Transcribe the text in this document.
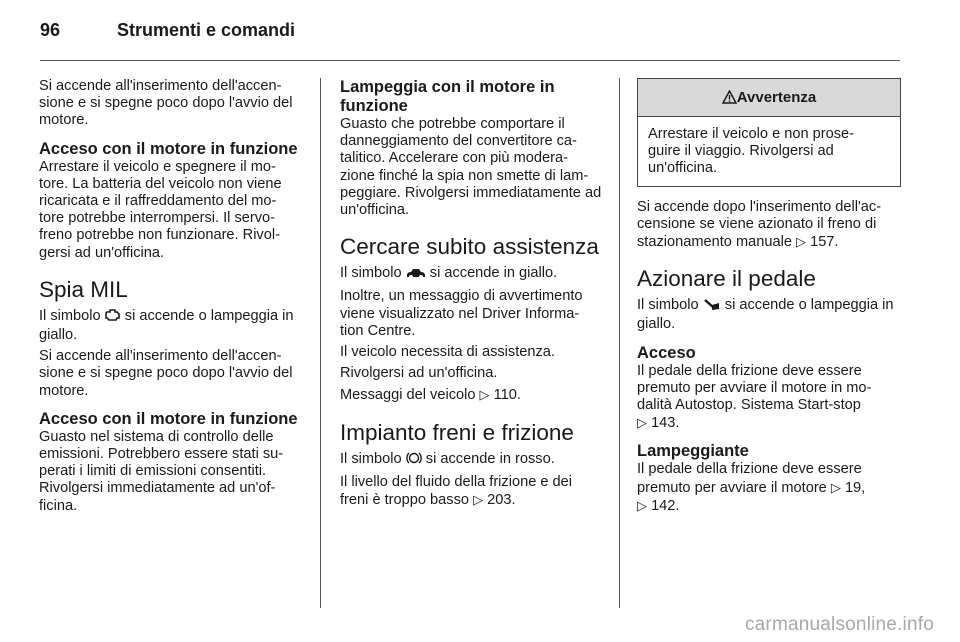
96	Strumenti e comandi

Si accende all'inserimento dell'accen- sione e si spegne poco dopo l'avvio del motore.

Acceso con il motore in funzione

Arrestare il veicolo e spegnere il mo- tore. La batteria del veicolo non viene ricaricata e il raffreddamento del mo- tore potrebbe interrompersi. Il servo- freno potrebbe non funzionare. Rivol- gersi ad un'officina.

Spia MIL

Il simbolo si accende o lampeggia in giallo.

Si accende all'inserimento dell'accen- sione e si spegne poco dopo l'avvio del motore.

Acceso con il motore in funzione

Guasto nel sistema di controllo delle emissioni. Potrebbero essere stati su- perati i limiti di emissioni consentiti. Rivolgersi immediatamente ad un'of- ficina.

Lampeggia con il motore in funzione

Guasto che potrebbe comportare il danneggiamento del convertitore ca- talitico. Accelerare con più modera- zione finché la spia non smette di lam- peggiare. Rivolgersi immediatamente ad un'officina.

Cercare subito assistenza

Il simbolo si accende in giallo.

Inoltre, un messaggio di avvertimento viene visualizzato nel Driver Informa- tion Centre.

Il veicolo necessita di assistenza.

Rivolgersi ad un'officina.

Messaggi del veicolo ▷ 110.

Impianto freni e frizione

Il simbolo si accende in rosso.

Il livello del fluido della frizione e dei freni è troppo basso ▷ 203.

Avvertenza

Arrestare il veicolo e non prose- guire il viaggio. Rivolgersi ad un'officina.

Si accende dopo l'inserimento dell'ac- censione se viene azionato il freno di stazionamento manuale ▷ 157.

Azionare il pedale

Il simbolo si accende o lampeggia in giallo.

Acceso

Il pedale della frizione deve essere premuto per avviare il motore in mo- dalità Autostop. Sistema Start-stop
▷ 143.

Lampeggiante

Il pedale della frizione deve essere premuto per avviare il motore ▷ 19,
▷ 142.

carmanualsonline.info
